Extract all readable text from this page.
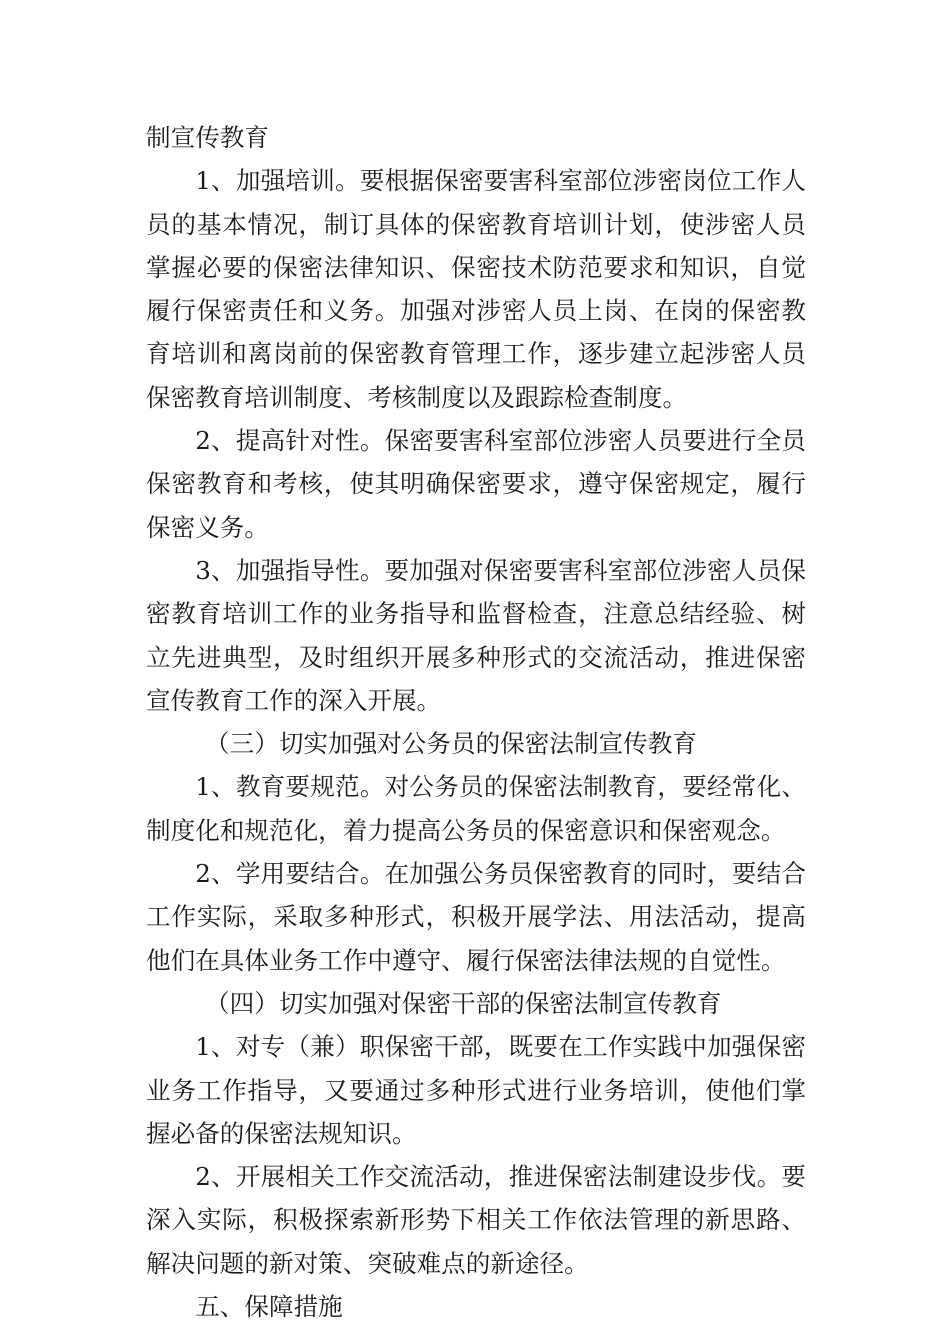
制宣传教育

1、加强培训。要根据保密要害科室部位涉密岗位工作人员的基本情况，制订具体的保密教育培训计划，使涉密人员掌握必要的保密法律知识、保密技术防范要求和知识，自觉履行保密责任和义务。加强对涉密人员上岗、在岗的保密教育培训和离岗前的保密教育管理工作，逐步建立起涉密人员保密教育培训制度、考核制度以及跟踪检查制度。

2、提高针对性。保密要害科室部位涉密人员要进行全员保密教育和考核，使其明确保密要求，遵守保密规定，履行保密义务。

3、加强指导性。要加强对保密要害科室部位涉密人员保密教育培训工作的业务指导和监督检查，注意总结经验、树立先进典型，及时组织开展多种形式的交流活动，推进保密宣传教育工作的深入开展。

（三）切实加强对公务员的保密法制宣传教育

1、教育要规范。对公务员的保密法制教育，要经常化、制度化和规范化，着力提高公务员的保密意识和保密观念。

2、学用要结合。在加强公务员保密教育的同时，要结合工作实际，采取多种形式，积极开展学法、用法活动，提高他们在具体业务工作中遵守、履行保密法律法规的自觉性。

（四）切实加强对保密干部的保密法制宣传教育

1、对专（兼）职保密干部，既要在工作实践中加强保密业务工作指导，又要通过多种形式进行业务培训，使他们掌握必备的保密法规知识。

2、开展相关工作交流活动，推进保密法制建设步伐。要深入实际，积极探索新形势下相关工作依法管理的新思路、解决问题的新对策、突破难点的新途径。

五、保障措施
